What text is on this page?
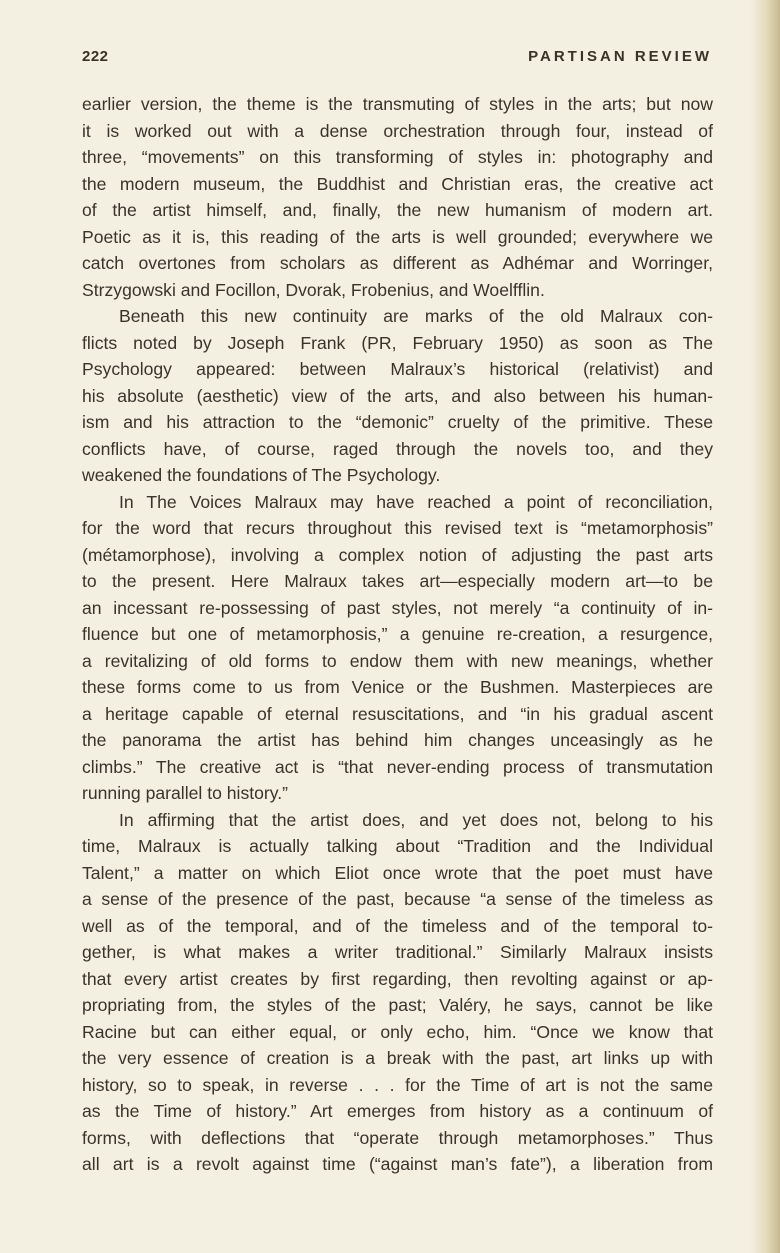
222	PARTISAN REVIEW

earlier version, the theme is the transmuting of styles in the arts; but now
it is worked out with a dense orchestration through four, instead of
three, “movements” on this transforming of styles in: photography and
the modern museum, the Buddhist and Christian eras, the creative act
of the artist himself, and, finally, the new humanism of modern art.
Poetic as it is, this reading of the arts is well grounded; everywhere we
catch overtones from scholars as different as Adhémar and Worringer,
Strzygowski and Focillon, Dvorak, Frobenius, and Woelfflin.

Beneath this new continuity are marks of the old Malraux con-
flicts noted by Joseph Frank (PR, February 1950) as soon as The
Psychology appeared: between Malraux’s historical (relativist) and
his absolute (aesthetic) view of the arts, and also between his human-
ism and his attraction to the “demonic” cruelty of the primitive. These
conflicts have, of course, raged through the novels too, and they
weakened the foundations of The Psychology.

In The Voices Malraux may have reached a point of reconciliation,
for the word that recurs throughout this revised text is “metamorphosis”
(métamorphose), involving a complex notion of adjusting the past arts
to the present. Here Malraux takes art—especially modern art—to be
an incessant re-possessing of past styles, not merely “a continuity of in-
fluence but one of metamorphosis,” a genuine re-creation, a resurgence,
a revitalizing of old forms to endow them with new meanings, whether
these forms come to us from Venice or the Bushmen. Masterpieces are
a heritage capable of eternal resuscitations, and “in his gradual ascent
the panorama the artist has behind him changes unceasingly as he
climbs.” The creative act is “that never-ending process of transmutation
running parallel to history.”

In affirming that the artist does, and yet does not, belong to his
time, Malraux is actually talking about “Tradition and the Individual
Talent,” a matter on which Eliot once wrote that the poet must have
a sense of the presence of the past, because “a sense of the timeless as
well as of the temporal, and of the timeless and of the temporal to-
gether, is what makes a writer traditional.” Similarly Malraux insists
that every artist creates by first regarding, then revolting against or ap-
propriating from, the styles of the past; Valéry, he says, cannot be like
Racine but can either equal, or only echo, him. “Once we know that
the very essence of creation is a break with the past, art links up with
history, so to speak, in reverse . . . for the Time of art is not the same
as the Time of history.” Art emerges from history as a continuum of
forms, with deflections that “operate through metamorphoses.” Thus
all art is a revolt against time (“against man’s fate”), a liberation from
